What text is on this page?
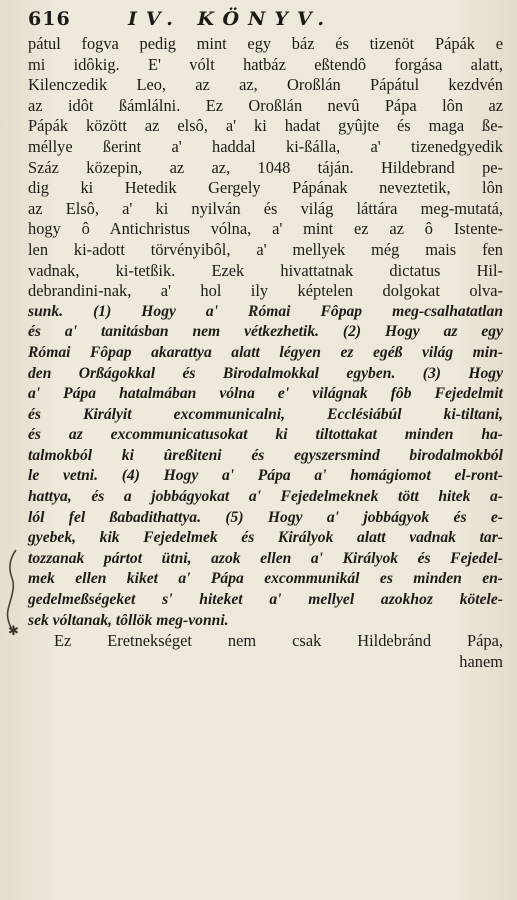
616	IV. KÖNYV.
pátul fogva pedig mint egy báz és tizenöt Pápák e
mi idôkig. E' vólt hatbáz eßtendô forgása alatt,
Kilenczedik Leo, az az, Oroßlán Pápátul kezdvén
az idôt ßámlálni. Ez Oroßlán nevû Pápa lôn az
Pápák között az elsô, a' ki hadat gyûjte és maga ße-
méllye ßerint a' haddal ki-ßálla, a' tizenedgyedik
Száz közepin, az az, 1048 táján. Hildebrand pe-
dig ki Hetedik Gergely Pápának neveztetik, lôn
az Elsô, a' ki nyilván és világ láttára meg-mutatá,
hogy ô Antichristus vólna, a' mint ez az ô Istente-
len ki-adott törvényibôl, a' mellyek még mais fen
vadnak, ki-tetßik. Ezek hivattatnak dictatus Hil-
debrandini-nak, a' hol ily képtelen dolgokat olva-
sunk. (1) Hogy a' Római Fôpap meg-csalhatatlan
és a' tanitásban nem vétkezhetik. (2) Hogy az egy
Római Fôpap akarattya alatt légyen ez egéß világ min-
den Orßágokkal és Birodalmokkal egyben. (3) Hogy
a' Pápa hatalmában vólna e' világnak fôb Fejedelmit
és Királyit excommunicalni, Ecclésiábúl ki-tiltani,
és az excommunicatusokat ki tiltottakat minden ha-
talmokból ki ûreßiteni és egyszersmind birodalmokból
le vetni. (4) Hogy a' Pápa a' homágiomot el-ront-
hattya, és a jobbágyokat a' Fejedelmeknek tött hitek a-
lól fel ßabadithattya. (5) Hogy a' jobbágyok és e-
gyebek, kik Fejedelmek és Királyok alatt vadnak tar-
tozzanak pártot ütni, azok ellen a' Királyok és Fejedel-
mek ellen kiket a' Pápa excommunikál es minden en-
gedelmeßségeket s' hiteket a' mellyel azokhoz kötele-
sek vóltanak, tôllök meg-vonni.
Ez Eretnekséget nem csak Hildebránd Pápa,
hanem
✱
